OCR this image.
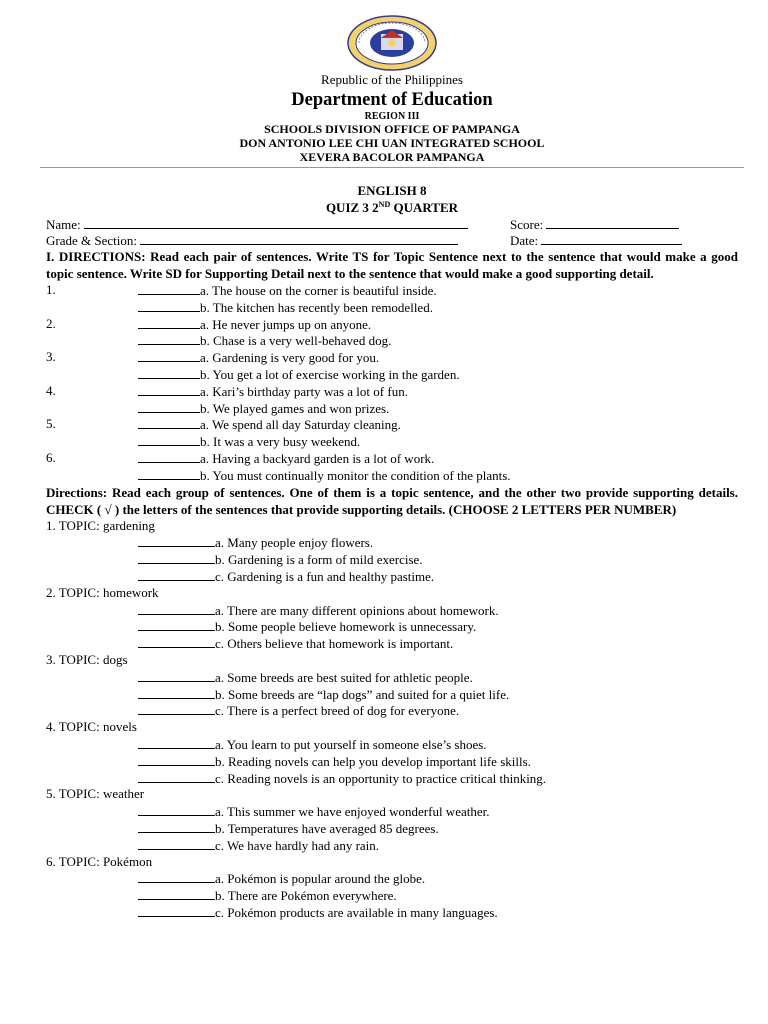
Republic of the Philippines
Department of Education
REGION III
SCHOOLS DIVISION OFFICE OF PAMPANGA
DON ANTONIO LEE CHI UAN INTEGRATED SCHOOL
XEVERA BACOLOR PAMPANGA
ENGLISH 8
QUIZ 3 2ND QUARTER
Name:	Score:
Grade & Section:	Date:
I. DIRECTIONS: Read each pair of sentences. Write TS for Topic Sentence next to the sentence that would make a good topic sentence. Write SD for Supporting Detail next to the sentence that would make a good supporting detail.
1.	a. The house on the corner is beautiful inside.
b. The kitchen has recently been remodelled.
2.	a. He never jumps up on anyone.
b. Chase is a very well-behaved dog.
3.	a. Gardening is very good for you.
b. You get a lot of exercise working in the garden.
4.	a. Kari’s birthday party was a lot of fun.
b. We played games and won prizes.
5.	a. We spend all day Saturday cleaning.
b. It was a very busy weekend.
6.	a. Having a backyard garden is a lot of work.
b. You must continually monitor the condition of the plants.
Directions: Read each group of sentences. One of them is a topic sentence, and the other two provide supporting details. CHECK ( √ ) the letters of the sentences that provide supporting details. (CHOOSE 2 LETTERS PER NUMBER)
1. TOPIC: gardening
a. Many people enjoy flowers.
b. Gardening is a form of mild exercise.
c. Gardening is a fun and healthy pastime.
2. TOPIC: homework
a. There are many different opinions about homework.
b. Some people believe homework is unnecessary.
c. Others believe that homework is important.
3. TOPIC: dogs
a. Some breeds are best suited for athletic people.
b. Some breeds are “lap dogs” and suited for a quiet life.
c. There is a perfect breed of dog for everyone.
4. TOPIC: novels
a. You learn to put yourself in someone else’s shoes.
b. Reading novels can help you develop important life skills.
c. Reading novels is an opportunity to practice critical thinking.
5. TOPIC: weather
a. This summer we have enjoyed wonderful weather.
b. Temperatures have averaged 85 degrees.
c. We have hardly had any rain.
6. TOPIC: Pokémon
a. Pokémon is popular around the globe.
b. There are Pokémon everywhere.
c. Pokémon products are available in many languages.
